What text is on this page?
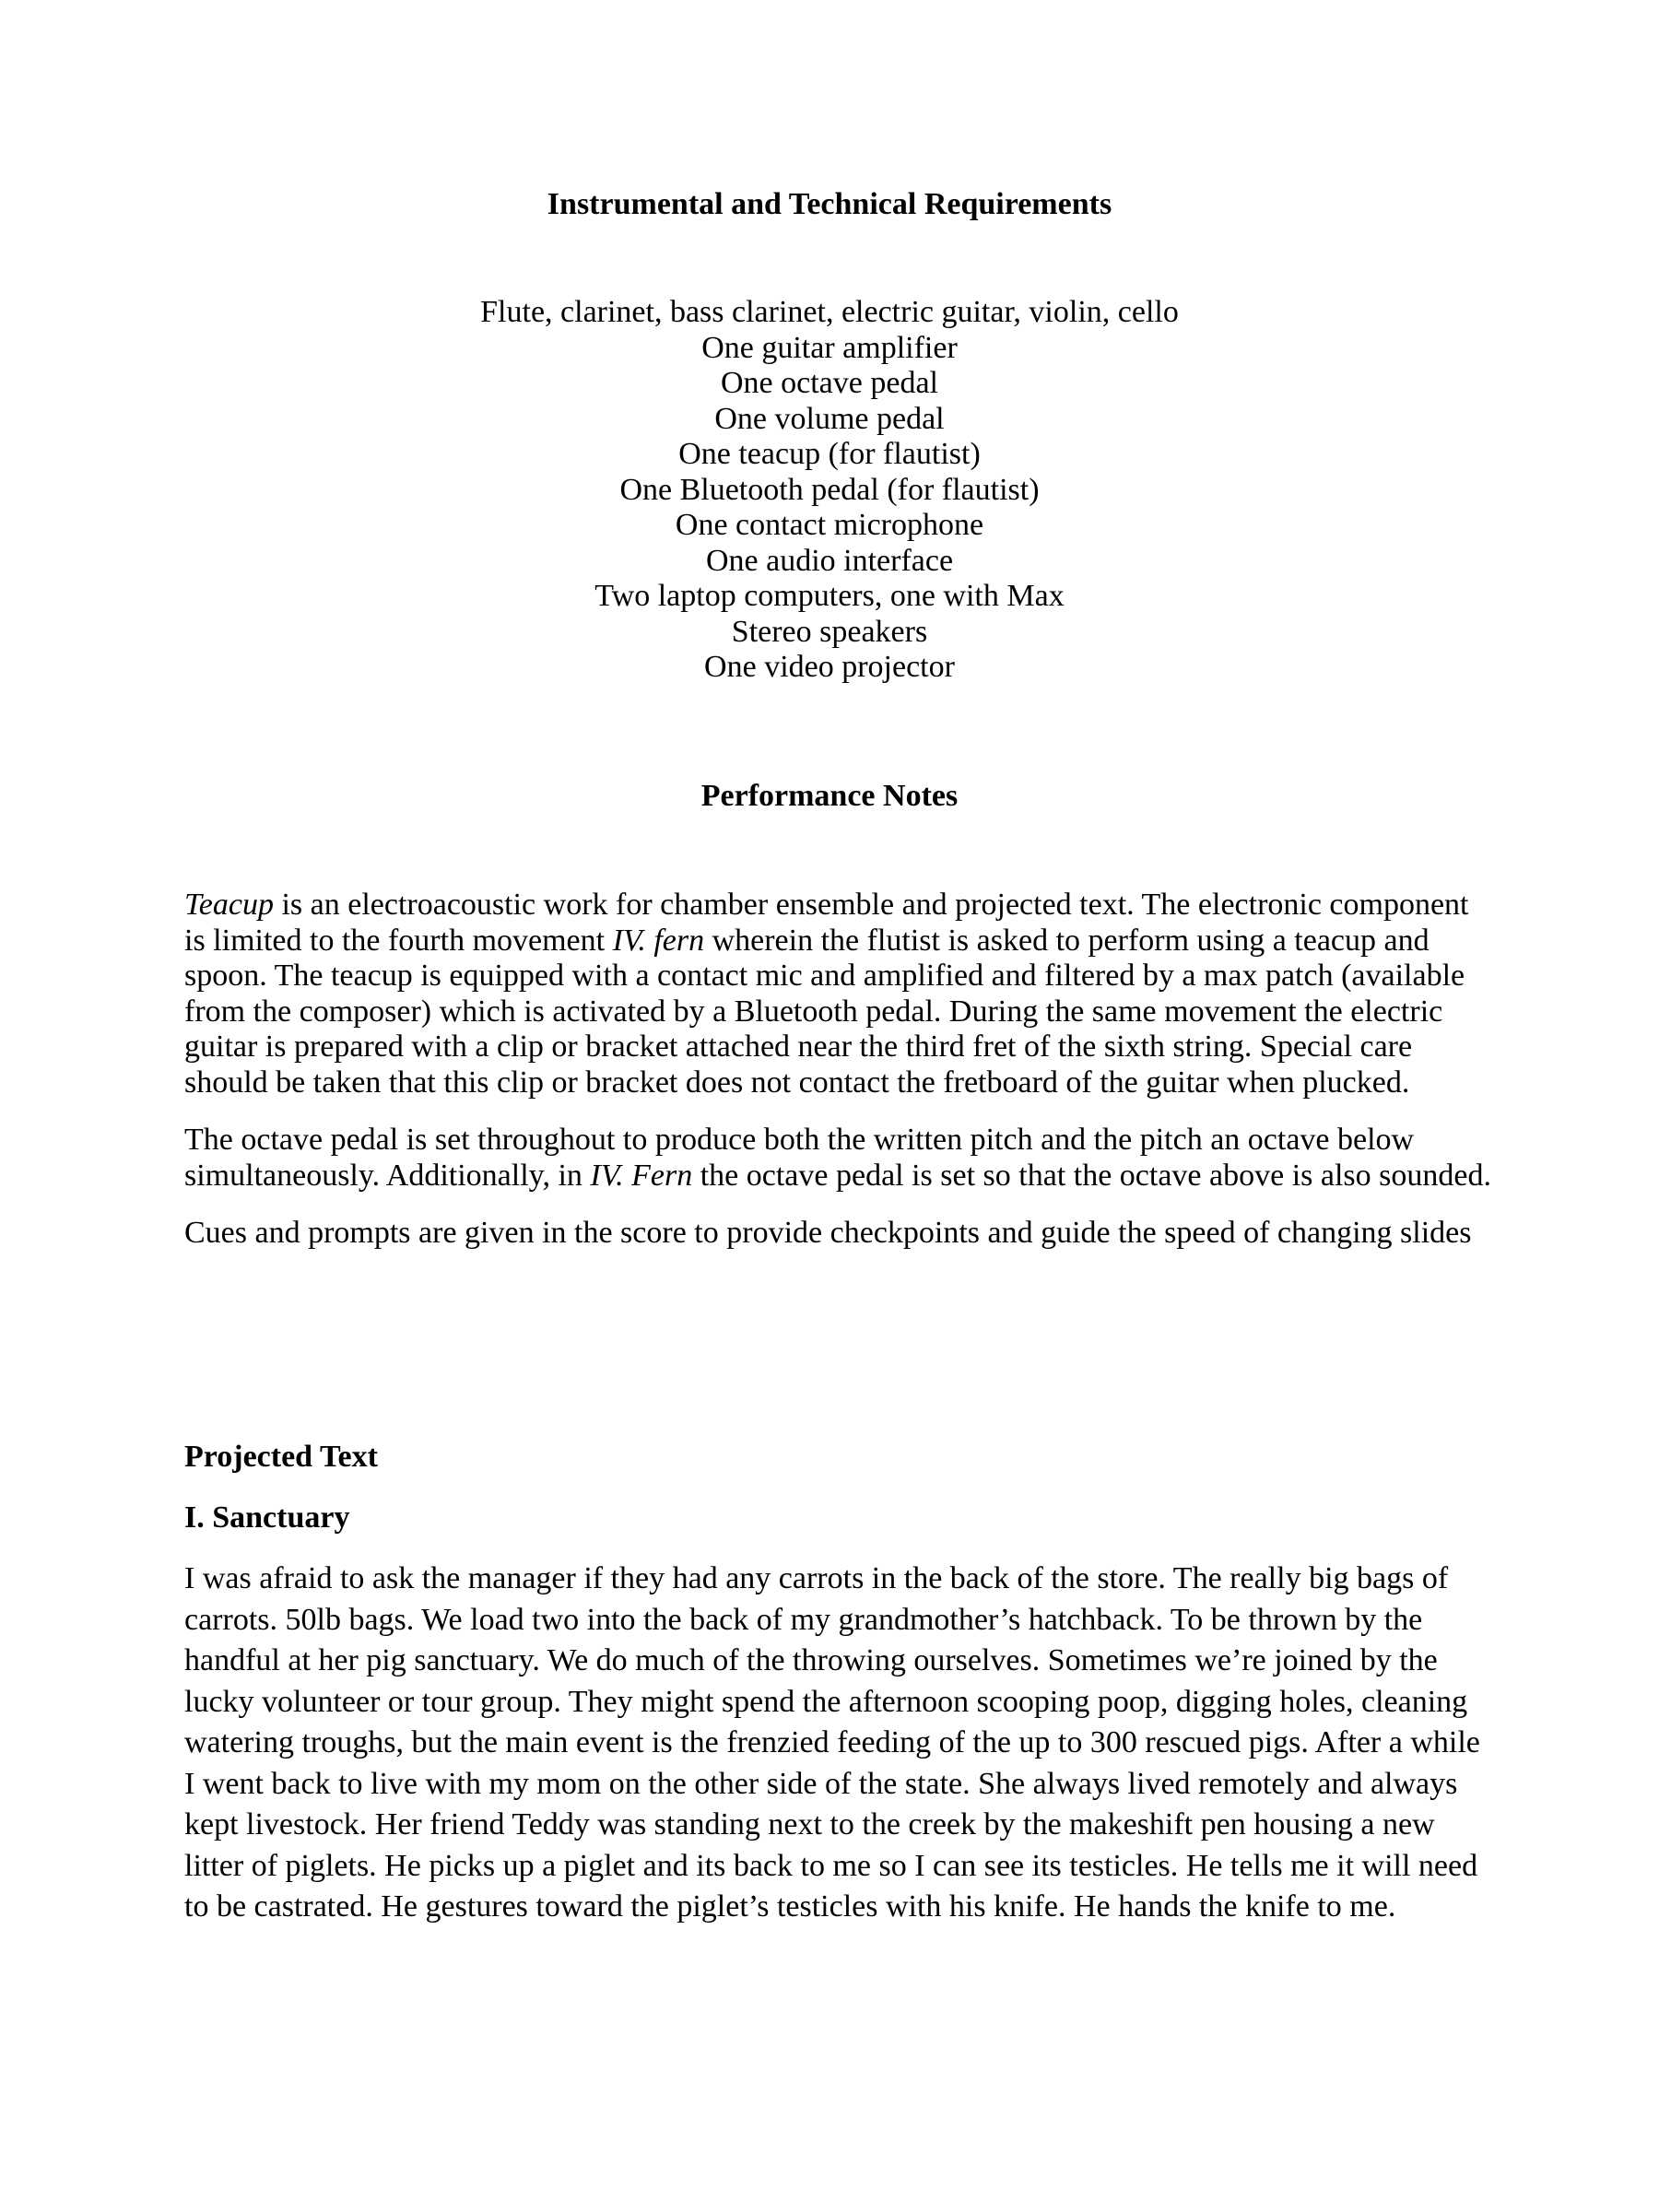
Instrumental and Technical Requirements
Flute, clarinet, bass clarinet, electric guitar, violin, cello
One guitar amplifier
One octave pedal
One volume pedal
One teacup (for flautist)
One Bluetooth pedal (for flautist)
One contact microphone
One audio interface
Two laptop computers, one with Max
Stereo speakers
One video projector
Performance Notes

Teacup is an electroacoustic work for chamber ensemble and projected text. The electronic component is limited to the fourth movement IV. fern wherein the flutist is asked to perform using a teacup and spoon. The teacup is equipped with a contact mic and amplified and filtered by a max patch (available from the composer) which is activated by a Bluetooth pedal. During the same movement the electric guitar is prepared with a clip or bracket attached near the third fret of the sixth string. Special care should be taken that this clip or bracket does not contact the fretboard of the guitar when plucked.

The octave pedal is set throughout to produce both the written pitch and the pitch an octave below simultaneously. Additionally, in IV. Fern the octave pedal is set so that the octave above is also sounded.

Cues and prompts are given in the score to provide checkpoints and guide the speed of changing slides

Projected Text
I. Sanctuary

I was afraid to ask the manager if they had any carrots in the back of the store. The really big bags of carrots. 50lb bags. We load two into the back of my grandmother’s hatchback. To be thrown by the handful at her pig sanctuary. We do much of the throwing ourselves. Sometimes we’re joined by the lucky volunteer or tour group. They might spend the afternoon scooping poop, digging holes, cleaning watering troughs, but the main event is the frenzied feeding of the up to 300 rescued pigs. After a while I went back to live with my mom on the other side of the state. She always lived remotely and always kept livestock. Her friend Teddy was standing next to the creek by the makeshift pen housing a new litter of piglets. He picks up a piglet and its back to me so I can see its testicles. He tells me it will need to be castrated. He gestures toward the piglet’s testicles with his knife. He hands the knife to me.
